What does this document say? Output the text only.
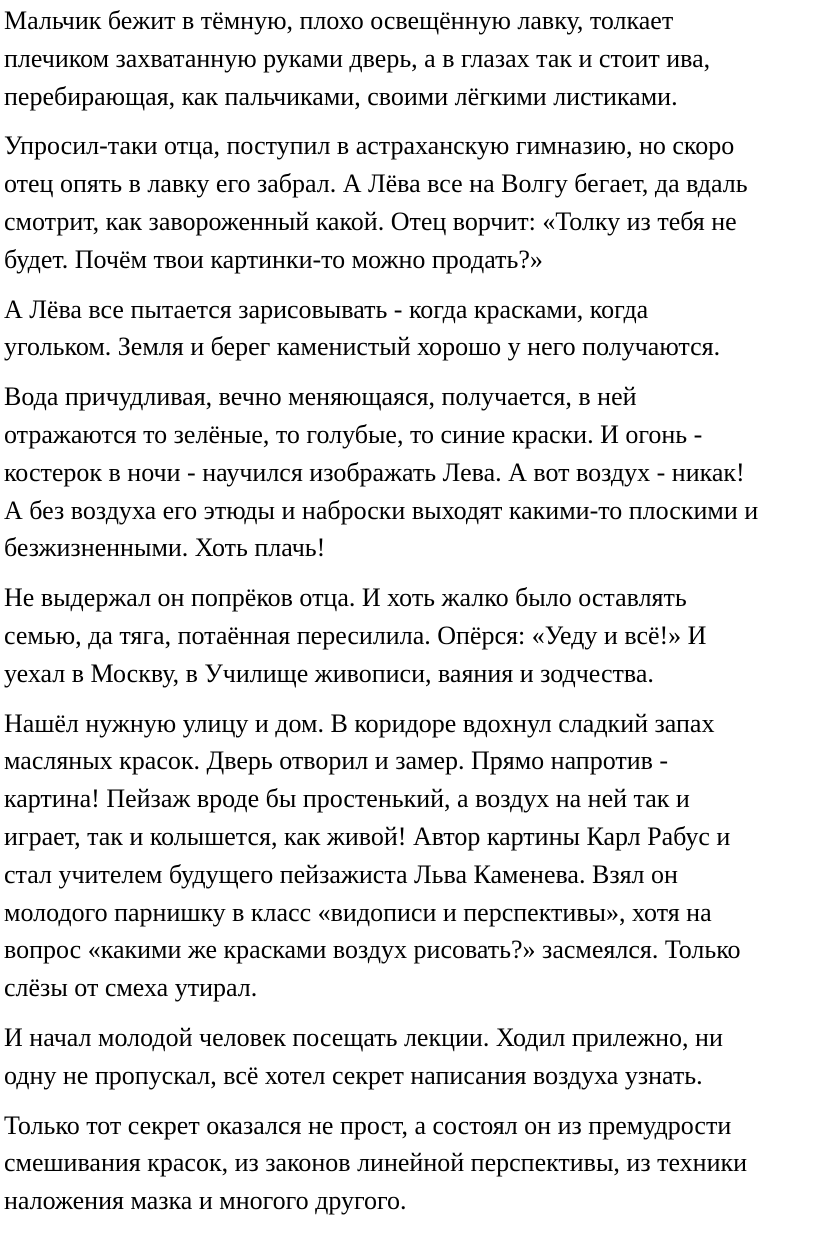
Мальчик бежит в тёмную, плохо освещённую лавку, толкает
плечиком захватанную руками дверь, а в глазах так и стоит ива,
перебирающая, как пальчиками, своими лёгкими листиками.

Упросил-таки отца, поступил в астраханскую гимназию, но скоро
отец опять в лавку его забрал. А Лёва все на Волгу бегает, да вдаль
смотрит, как завороженный какой. Отец ворчит: «Толку из тебя не
будет. Почём твои картинки-то можно продать?»

А Лёва все пытается зарисовывать - когда красками, когда
угольком. Земля и берег каменистый хорошо у него получаются.

Вода причудливая, вечно меняющаяся, получается, в ней
отражаются то зелёные, то голубые, то синие краски. И огонь -
костерок в ночи - научился изображать Лева. А вот воздух - никак!
А без воздуха его этюды и наброски выходят какими-то плоскими и
безжизненными. Хоть плачь!

Не выдержал он попрёков отца. И хоть жалко было оставлять
семью, да тяга, потаённая пересилила. Опёрся: «Уеду и всё!» И
уехал в Москву, в Училище живописи, ваяния и зодчества.

Нашёл нужную улицу и дом. В коридоре вдохнул сладкий запах
масляных красок. Дверь отворил и замер. Прямо напротив -
картина! Пейзаж вроде бы простенький, а воздух на ней так и
играет, так и колышется, как живой! Автор картины Карл Рабус и
стал учителем будущего пейзажиста Льва Каменева. Взял он
молодого парнишку в класс «видописи и перспективы», хотя на
вопрос «какими же красками воздух рисовать?» засмеялся. Только
слёзы от смеха утирал.

И начал молодой человек посещать лекции. Ходил прилежно, ни
одну не пропускал, всё хотел секрет написания воздуха узнать.

Только тот секрет оказался не прост, а состоял он из премудрости
смешивания красок, из законов линейной перспективы, из техники
наложения мазка и многого другого.
